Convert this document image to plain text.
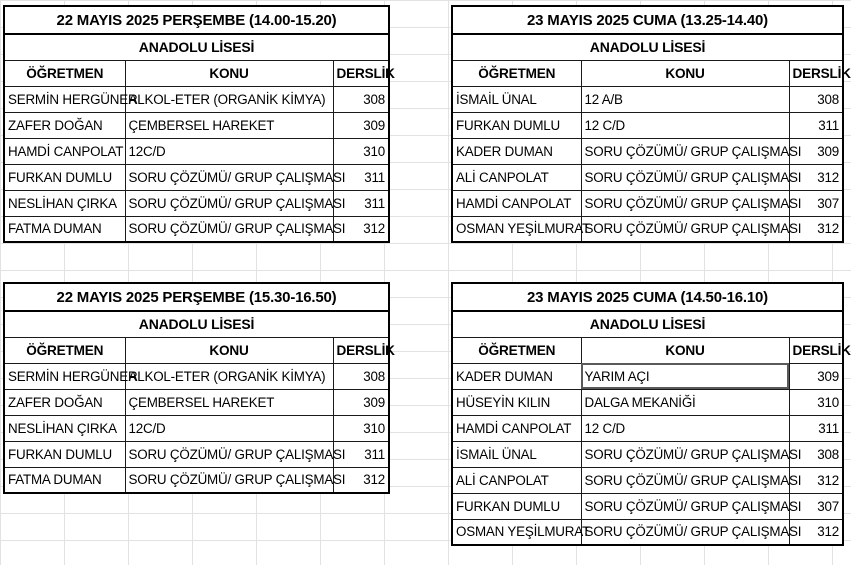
22 MAYIS 2025 PERŞEMBE (14.00-15.20)		
ANADOLU LİSESİ		
ÖĞRETMEN	KONU	DERSLİK
SERMİN HERGÜNER	ALKOL-ETER (ORGANİK KİMYA)	308
ZAFER DOĞAN	ÇEMBERSEL HAREKET	309
HAMDİ CANPOLAT	12C/D	310
FURKAN DUMLU	SORU ÇÖZÜMÜ/ GRUP ÇALIŞMASI	311
NESLİHAN ÇIRKA	SORU ÇÖZÜMÜ/ GRUP ÇALIŞMASI	311
FATMA DUMAN	SORU ÇÖZÜMÜ/ GRUP ÇALIŞMASI	312
23 MAYIS 2025 CUMA (13.25-14.40)		
ANADOLU LİSESİ		
ÖĞRETMEN	KONU	DERSLİK
İSMAİL ÜNAL	12 A/B	308
FURKAN DUMLU	12 C/D	311
KADER DUMAN	SORU ÇÖZÜMÜ/ GRUP ÇALIŞMASI	309
ALİ CANPOLAT	SORU ÇÖZÜMÜ/ GRUP ÇALIŞMASI	312
HAMDİ CANPOLAT	SORU ÇÖZÜMÜ/ GRUP ÇALIŞMASI	307
OSMAN YEŞİLMURAT	SORU ÇÖZÜMÜ/ GRUP ÇALIŞMASI	312
22 MAYIS 2025 PERŞEMBE (15.30-16.50)		
ANADOLU LİSESİ		
ÖĞRETMEN	KONU	DERSLİK
SERMİN HERGÜNER	ALKOL-ETER (ORGANİK KİMYA)	308
ZAFER DOĞAN	ÇEMBERSEL HAREKET	309
NESLİHAN ÇIRKA	12C/D	310
FURKAN DUMLU	SORU ÇÖZÜMÜ/ GRUP ÇALIŞMASI	311
FATMA DUMAN	SORU ÇÖZÜMÜ/ GRUP ÇALIŞMASI	312
23 MAYIS 2025 CUMA (14.50-16.10)		
ANADOLU LİSESİ		
ÖĞRETMEN	KONU	DERSLİK
KADER DUMAN	YARIM AÇI	309
HÜSEYİN KILIN	DALGA MEKANİĞİ	310
HAMDİ CANPOLAT	12 C/D	311
İSMAİL ÜNAL	SORU ÇÖZÜMÜ/ GRUP ÇALIŞMASI	308
ALİ CANPOLAT	SORU ÇÖZÜMÜ/ GRUP ÇALIŞMASI	312
FURKAN DUMLU	SORU ÇÖZÜMÜ/ GRUP ÇALIŞMASI	307
OSMAN YEŞİLMURAT	SORU ÇÖZÜMÜ/ GRUP ÇALIŞMASI	312
